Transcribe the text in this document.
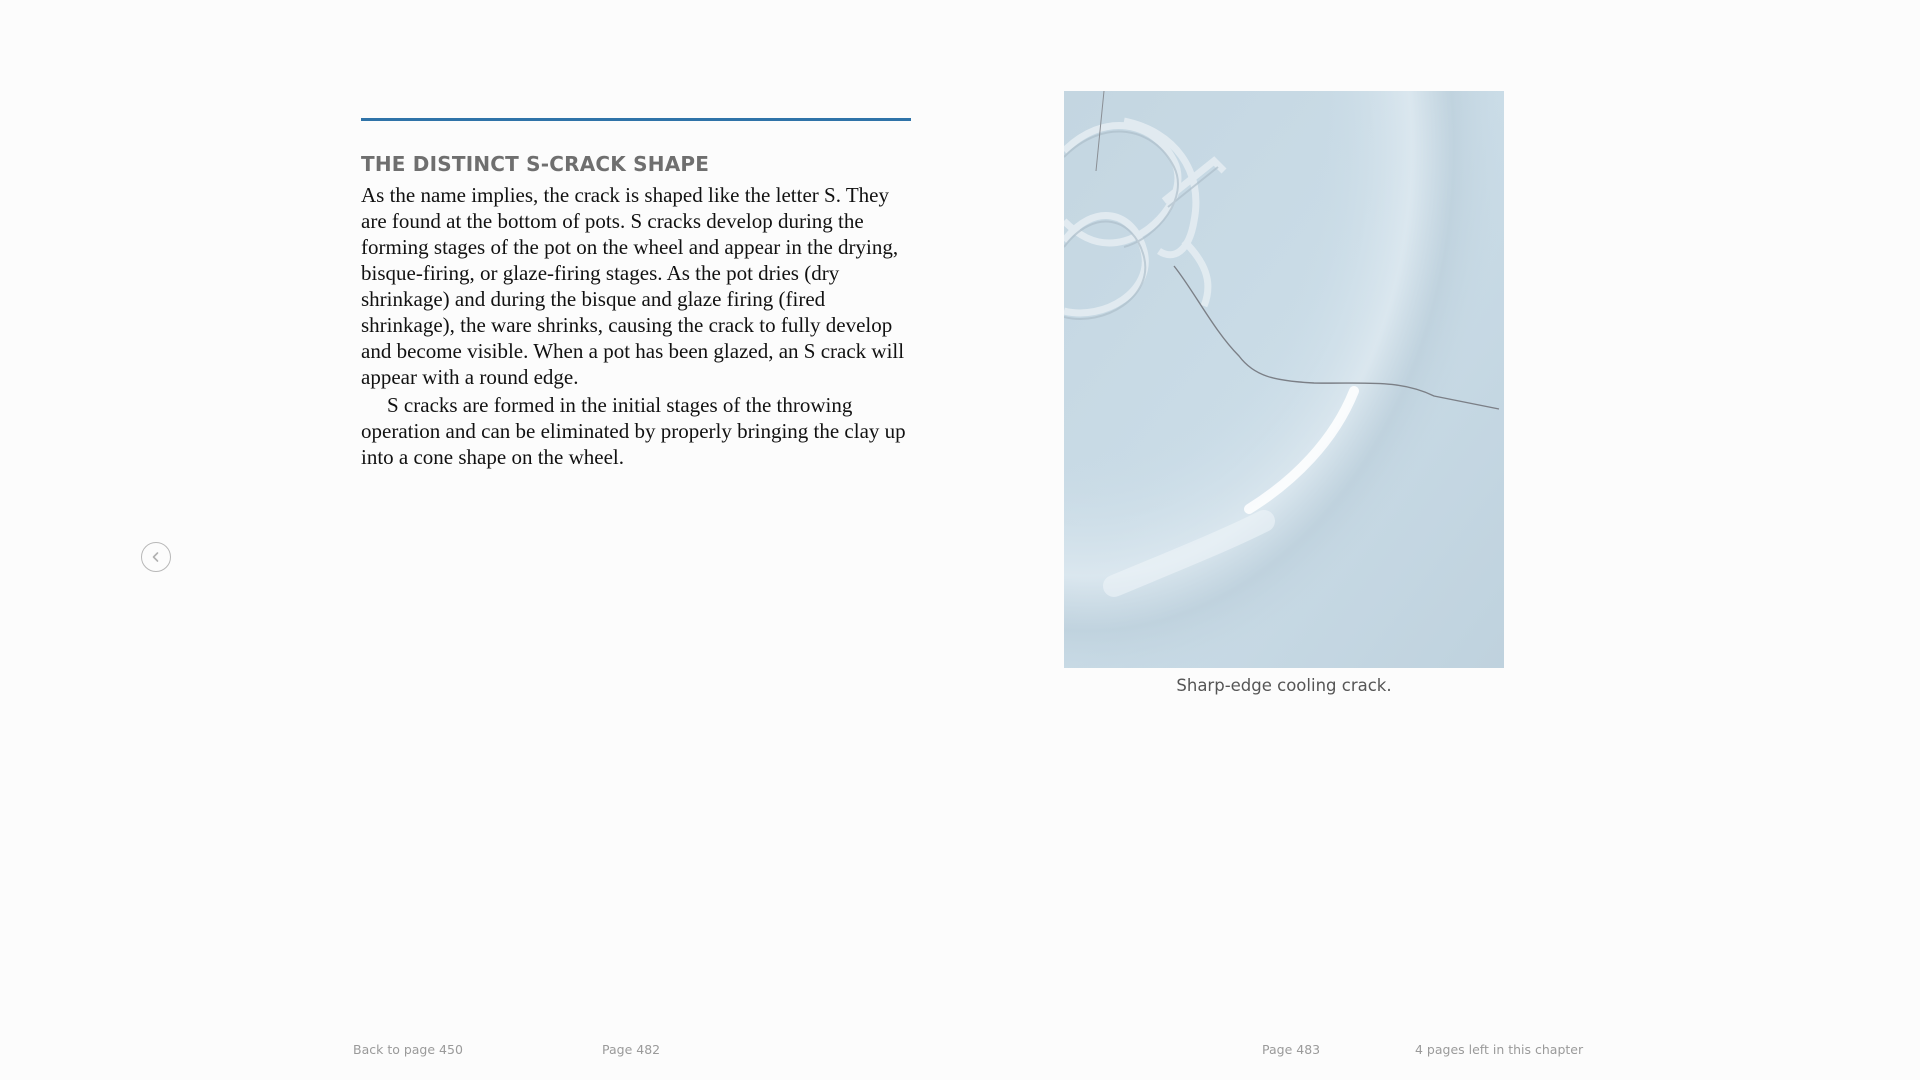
THE DISTINCT S-CRACK SHAPE

As the name implies, the crack is shaped like the letter S. They are found at the bottom of pots. S cracks develop during the forming stages of the pot on the wheel and appear in the drying, bisque-firing, or glaze-firing stages. As the pot dries (dry shrinkage) and during the bisque and glaze firing (fired shrinkage), the ware shrinks, causing the crack to fully develop and become visible. When a pot has been glazed, an S crack will appear with a round edge.

S cracks are formed in the initial stages of the throwing operation and can be eliminated by properly bringing the clay up into a cone shape on the wheel.

Sharp-edge cooling crack.
Back to page 450	Page 482	Page 483	4 pages left in this chapter
